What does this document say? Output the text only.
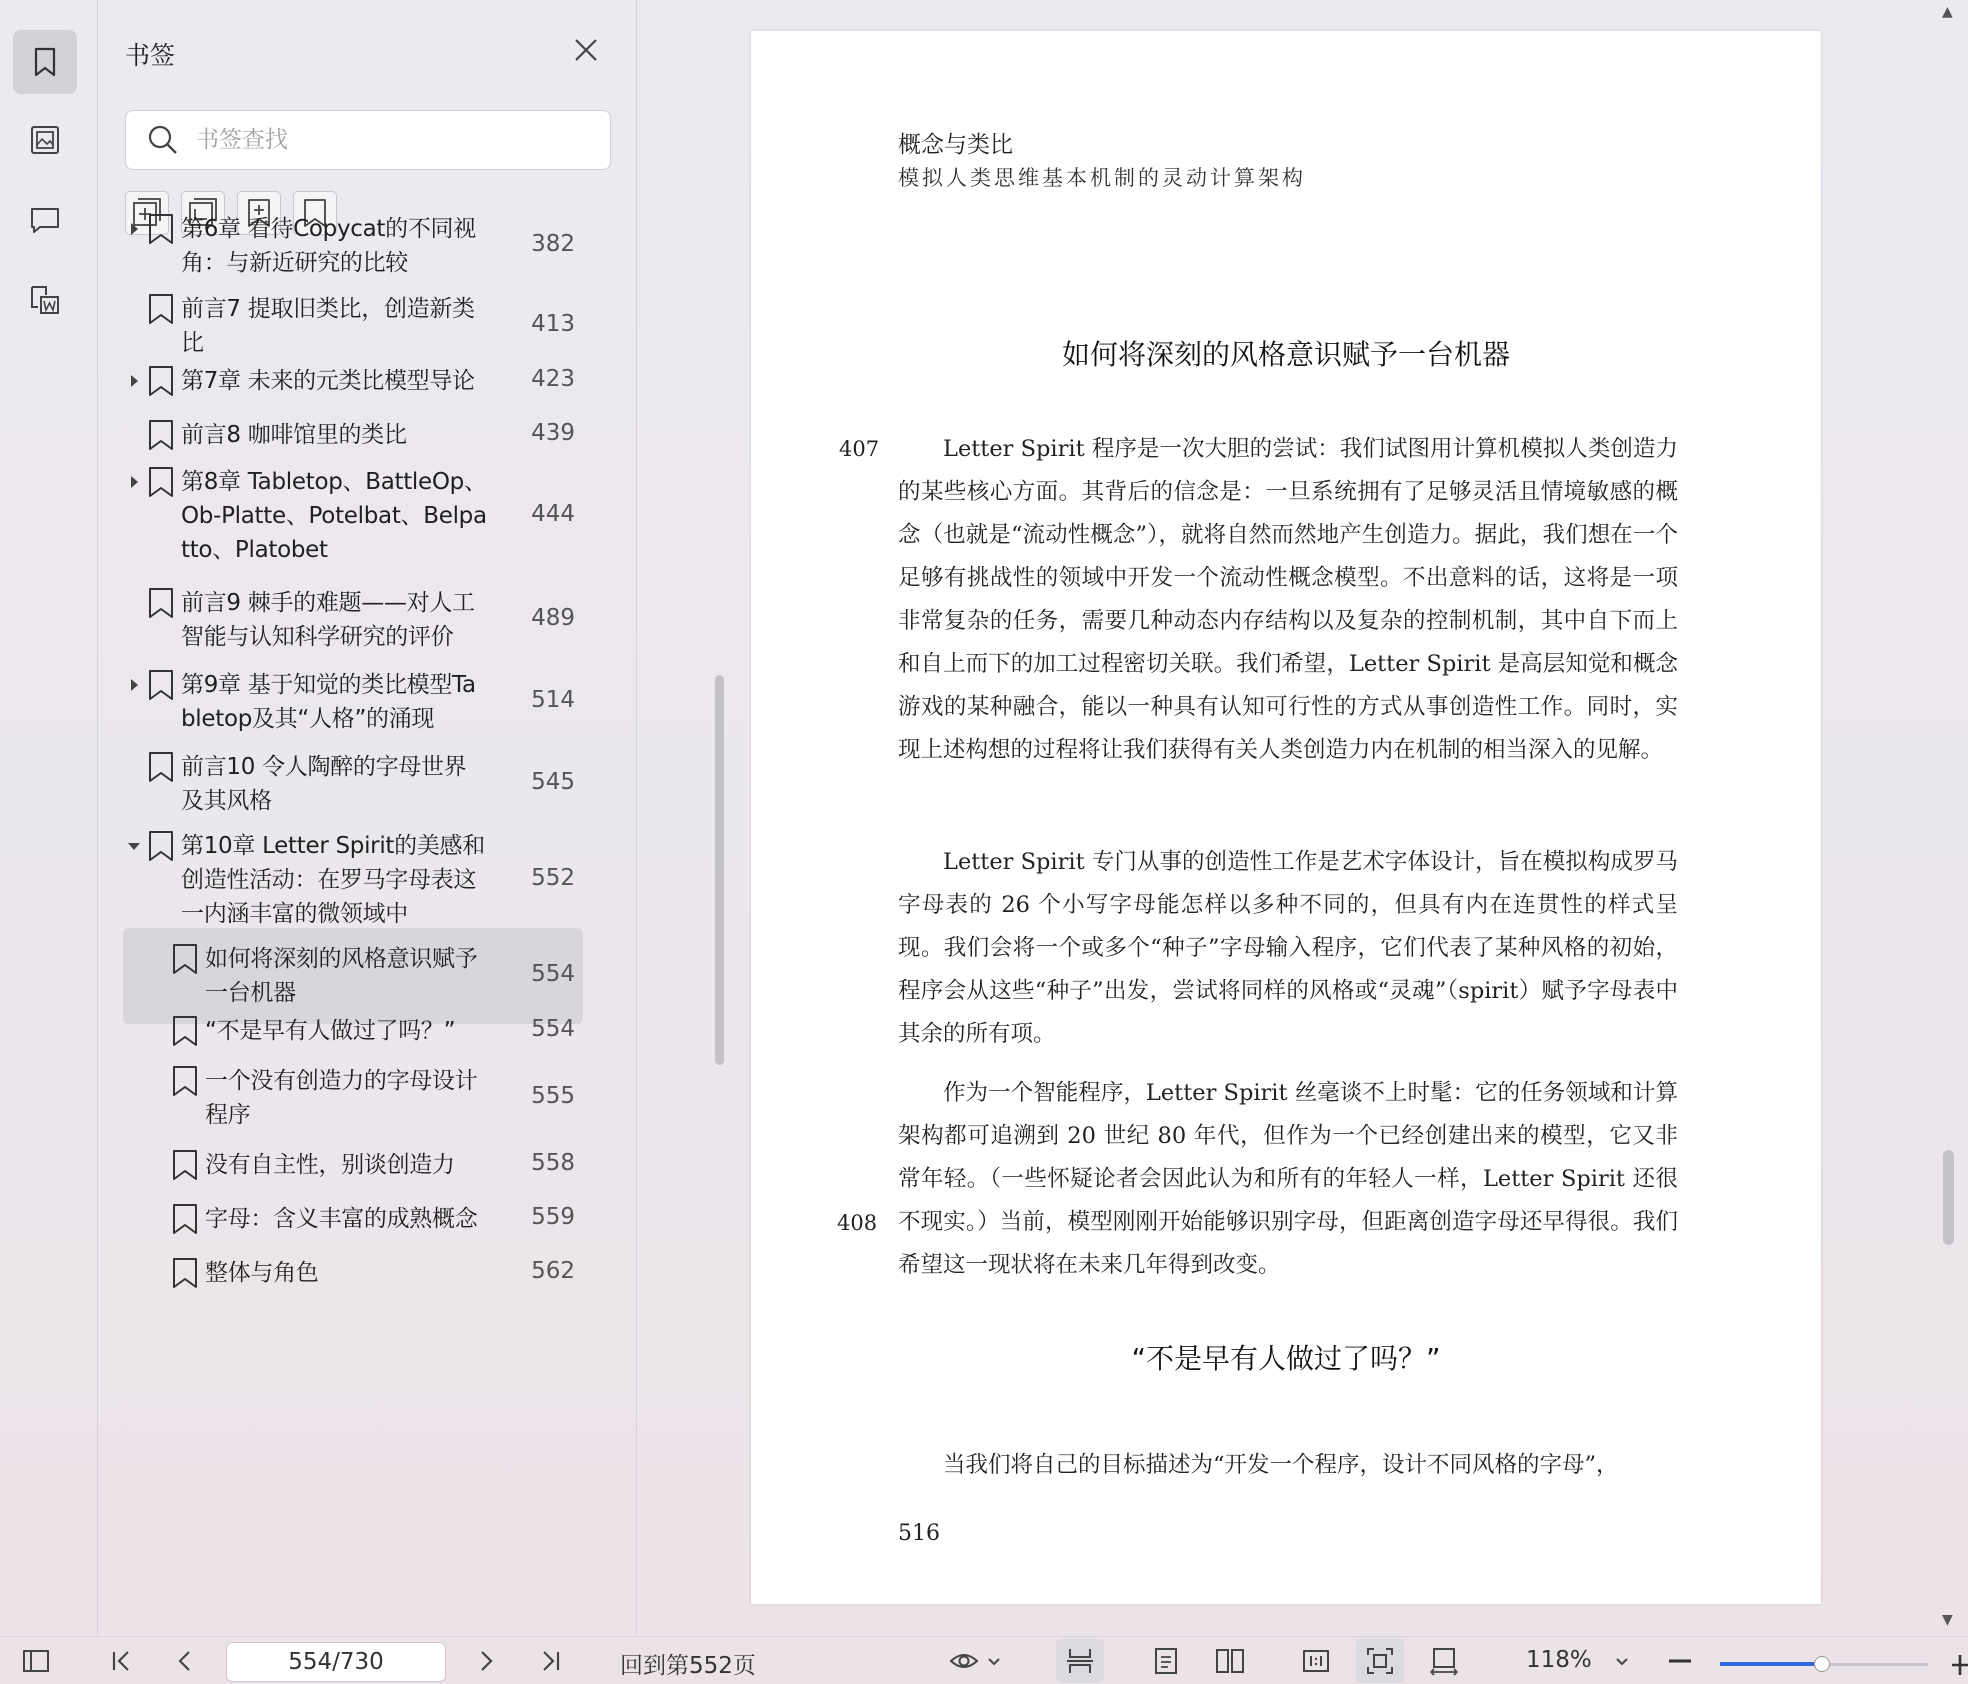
书签
书签查找
第6章 看待Copycat的不同视
角：与新近研究的比较
382
前言7 提取旧类比，创造新类
比
413
第7章 未来的元类比模型导论 423
前言8 咖啡馆里的类比	439
第8章 Tabletop、BattleOp、
Ob-Platte、Potelbat、Belpa
tto、Platobet
444
前言9 棘手的难题——对人工
智能与认知科学研究的评价
489
第9章 基于知觉的类比模型Ta
bletop及其“人格”的涌现
514
前言10 令人陶醉的字母世界
及其风格
545
第10章 Letter Spirit的美感和
创造性活动：在罗马字母表这
一内涵丰富的微领域中
552
如何将深刻的风格意识赋予
一台机器
554
“不是早有人做过了吗？”	554
一个没有创造力的字母设计
程序
555
没有自主性，别谈创造力	558
字母：含义丰富的成熟概念 559
整体与角色	562
概念与类比
模拟人类思维基本机制的灵动计算架构
如何将深刻的风格意识赋予一台机器
407	Letter Spirit 程序是一次大胆的尝试：我们试图用计算机模拟人类创造力的某些核心方面。其背后的信念是：一旦系统拥有了足够灵活且情境敏感的概念（也就是“流动性概念”），就将自然而然地产生创造力。据此，我们想在一个足够有挑战性的领域中开发一个流动性概念模型。不出意料的话，这将是一项非常复杂的任务，需要几种动态内存结构以及复杂的控制机制，其中自下而上和自上而下的加工过程密切关联。我们希望，Letter Spirit 是高层知觉和概念游戏的某种融合，能以一种具有认知可行性的方式从事创造性工作。同时，实现上述构想的过程将让我们获得有关人类创造力内在机制的相当深入的见解。
Letter Spirit 专门从事的创造性工作是艺术字体设计，旨在模拟构成罗马字母表的 26 个小写字母能怎样以多种不同的，但具有内在连贯性的样式呈现。我们会将一个或多个“种子”字母输入程序，它们代表了某种风格的初始，程序会从这些“种子”出发，尝试将同样的风格或“灵魂”（spirit）赋予字母表中其余的所有项。
作为一个智能程序，Letter Spirit 丝毫谈不上时髦：它的任务领域和计算架构都可追溯到 20 世纪 80 年代，但作为一个已经创建出来的模型，它又非常年轻。（一些怀疑论者会因此认为和所有的年轻人一样，Letter Spirit 还很不现实。）当前，模型刚刚开始能够识别字母，但距离创造字母还早得很。我们希望这一现状将在未来几年得到改变。
408
“不是早有人做过了吗？”
当我们将自己的目标描述为“开发一个程序，设计不同风格的字母”，
516
▲
▼
554/730
回到第552页	118%
